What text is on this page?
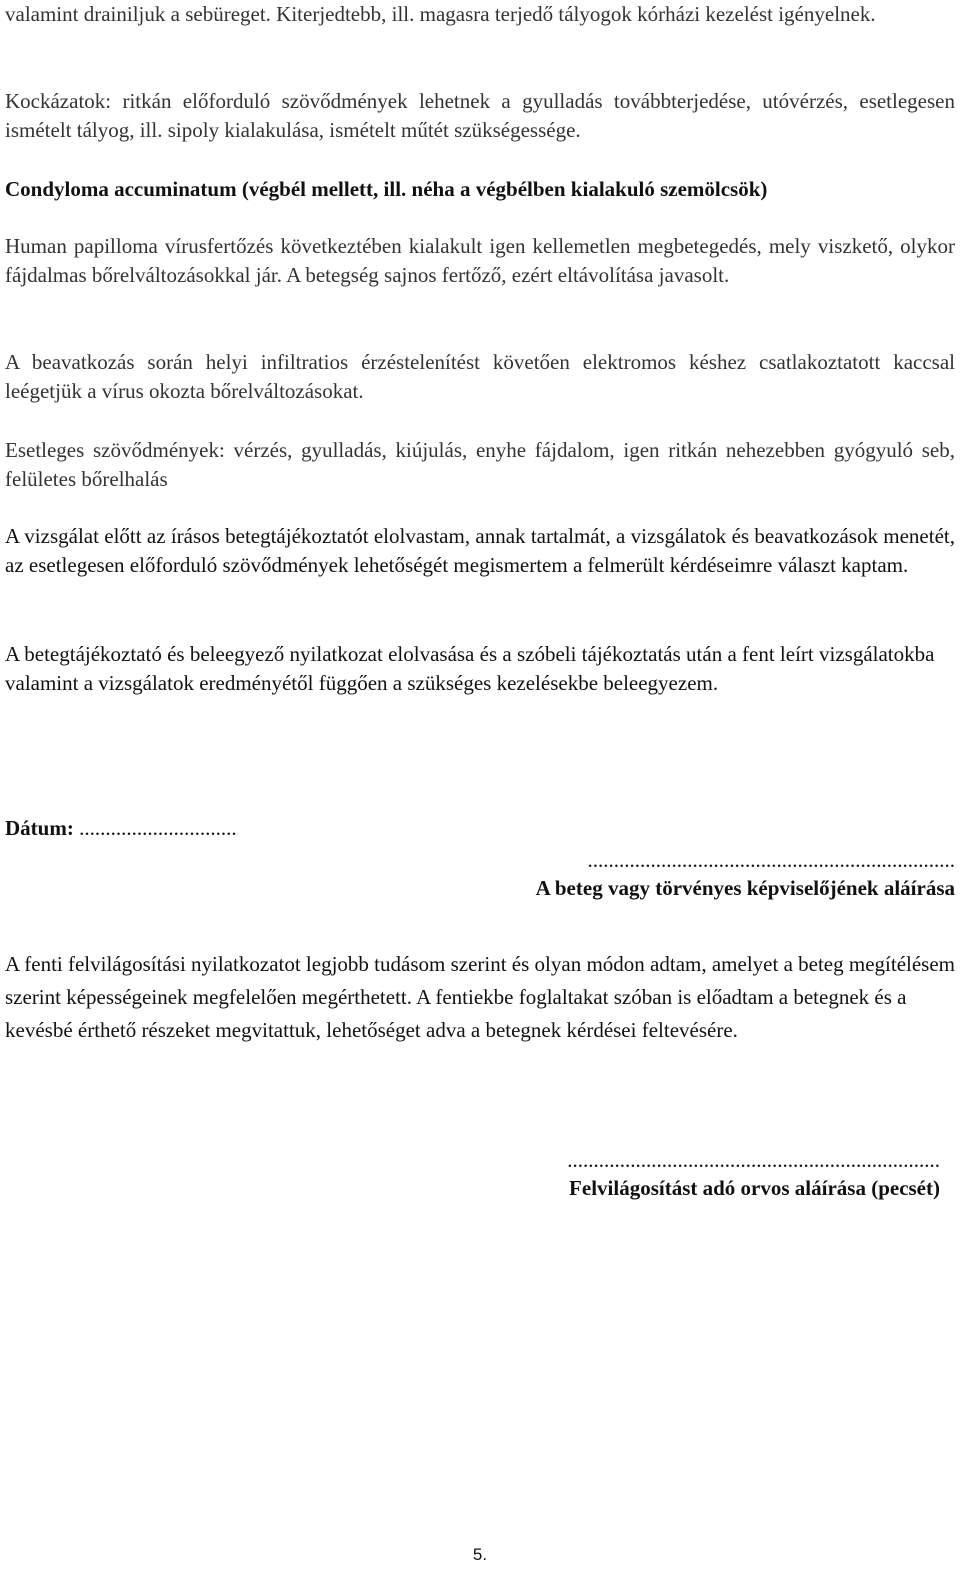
valamint drainiljuk a sebüreget. Kiterjedtebb, ill. magasra terjedő tályogok kórházi kezelést igényelnek.

Kockázatok: ritkán előforduló szövődmények lehetnek a gyulladás továbbterjedése, utóvérzés, esetlegesen ismételt tályog, ill. sipoly kialakulása, ismételt műtét szükségessége.

Condyloma accuminatum (végbél mellett, ill. néha a végbélben kialakuló szemölcsök)

Human papilloma vírusfertőzés következtében kialakult igen kellemetlen megbetegedés, mely viszkető, olykor fájdalmas bőrelváltozásokkal jár. A betegség sajnos fertőző, ezért eltávolítása javasolt.

A beavatkozás során helyi infiltratios érzéstelenítést követően elektromos késhez csatlakoztatott kaccsal leégetjük a vírus okozta bőrelváltozásokat.

Esetleges szövődmények: vérzés, gyulladás, kiújulás, enyhe fájdalom, igen ritkán nehezebben gyógyuló seb, felületes bőrelhalás

A vizsgálat előtt az írásos betegtájékoztatót elolvastam, annak tartalmát, a vizsgálatok és beavatkozások menetét, az esetlegesen előforduló szövődmények lehetőségét megismertem a felmerült kérdéseimre választ kaptam.

A betegtájékoztató és beleegyező nyilatkozat elolvasása és a szóbeli tájékoztatás után a fent leírt vizsgálatokba valamint a vizsgálatok eredményétől függően a szükséges kezelésekbe beleegyezem.

Dátum: ..............................
......................................................................
A beteg vagy törvényes képviselőjének aláírása

A fenti felvilágosítási nyilatkozatot legjobb tudásom szerint és olyan módon adtam, amelyet a beteg megítélésem szerint képességeinek megfelelően megérthetett. A fentiekbe foglaltakat szóban is előadtam a betegnek és a kevésbé érthető részeket megvitattuk, lehetőséget adva a betegnek kérdései feltevésére.

.......................................................................
Felvilágosítást adó orvos aláírása (pecsét)
5.
